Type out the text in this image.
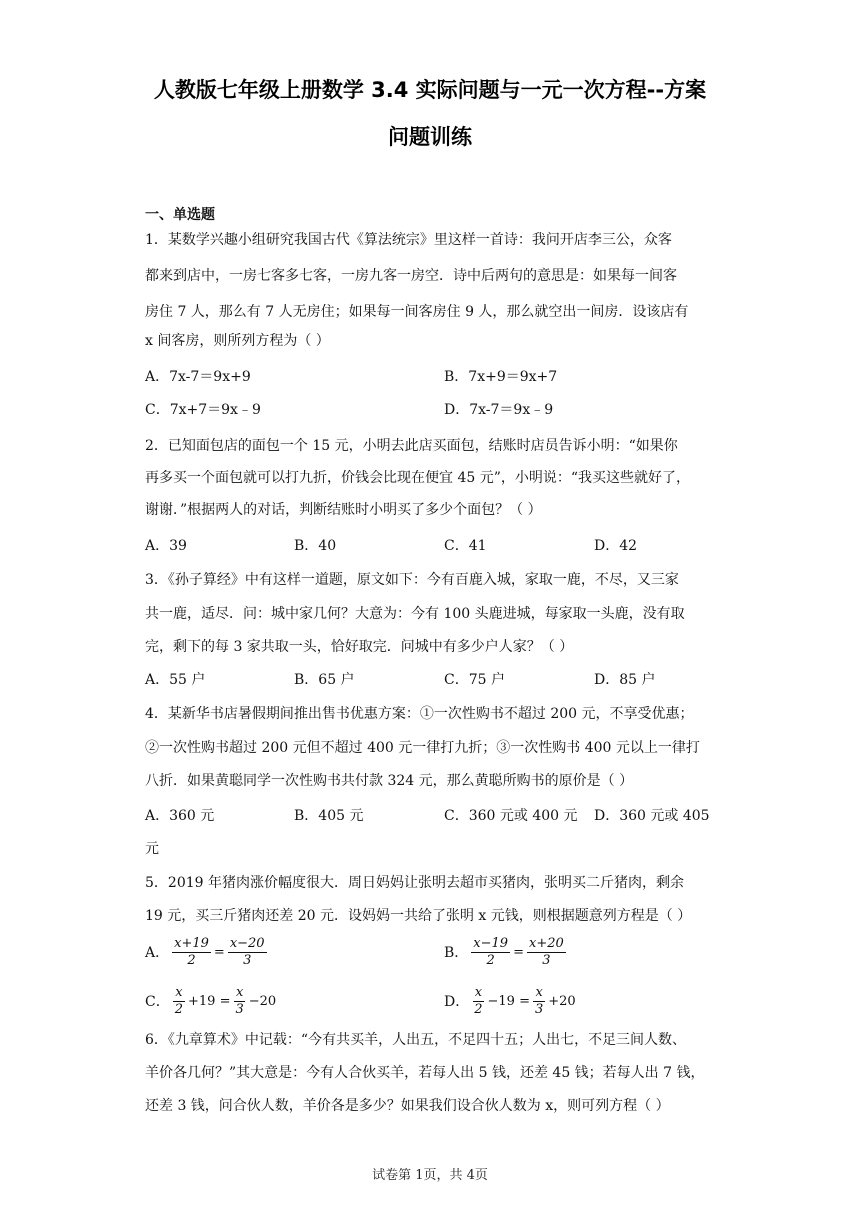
人教版七年级上册数学 3.4 实际问题与一元一次方程--方案
问题训练
一、单选题
1．某数学兴趣小组研究我国古代《算法统宗》里这样一首诗：我问开店李三公，众客
都来到店中，一房七客多七客，一房九客一房空．诗中后两句的意思是：如果每一间客
房住 7 人，那么有 7 人无房住；如果每一间客房住 9 人，那么就空出一间房．设该店有
x 间客房，则所列方程为（ ）
A．7x-7＝9x+9	B．7x+9＝9x+7
C．7x+7＝9x﹣9	D．7x-7＝9x﹣9
2．已知面包店的面包一个 15 元，小明去此店买面包，结账时店员告诉小明：“如果你
再多买一个面包就可以打九折，价钱会比现在便宜 45 元”，小明说：“我买这些就好了，
谢谢．”根据两人的对话，判断结账时小明买了多少个面包？（ ）
A．39	B．40	C．41	D．42
3．《孙子算经》中有这样一道题，原文如下：今有百鹿入城，家取一鹿，不尽，又三家
共一鹿，适尽．问：城中家几何？大意为：今有 100 头鹿进城，每家取一头鹿，没有取
完，剩下的每 3 家共取一头，恰好取完．问城中有多少户人家？（ ）
A．55 户	B．65 户	C．75 户	D．85 户
4．某新华书店暑假期间推出售书优惠方案：①一次性购书不超过 200 元，不享受优惠；
②一次性购书超过 200 元但不超过 400 元一律打九折；③一次性购书 400 元以上一律打
八折．如果黄聪同学一次性购书共付款 324 元，那么黄聪所购书的原价是（ ）
A．360 元	B．405 元	C．360 元或 400 元 D．360 元或 405
元
5．2019 年猪肉涨价幅度很大．周日妈妈让张明去超市买猪肉，张明买二斤猪肉，剩余
19 元，买三斤猪肉还差 20 元．设妈妈一共给了张明 x 元钱，则根据题意列方程是（ ）
A． $\frac{x+19}{2} = \frac{x-20}{3}$	B． $\frac{x-19}{2} = \frac{x+20}{3}$
C． $\frac{x}{2} +19 = \frac{x}{3} -20$	D． $\frac{x}{2} -19 = \frac{x}{3} +20$
6．《九章算术》中记载：“今有共买羊，人出五，不足四十五；人出七，不足三间人数、
羊价各几何？”其大意是：今有人合伙买羊，若每人出 5 钱，还差 45 钱；若每人出 7 钱，
还差 3 钱，问合伙人数，羊价各是多少？如果我们设合伙人数为 x，则可列方程（ ）
试卷第 1页，共 4页
